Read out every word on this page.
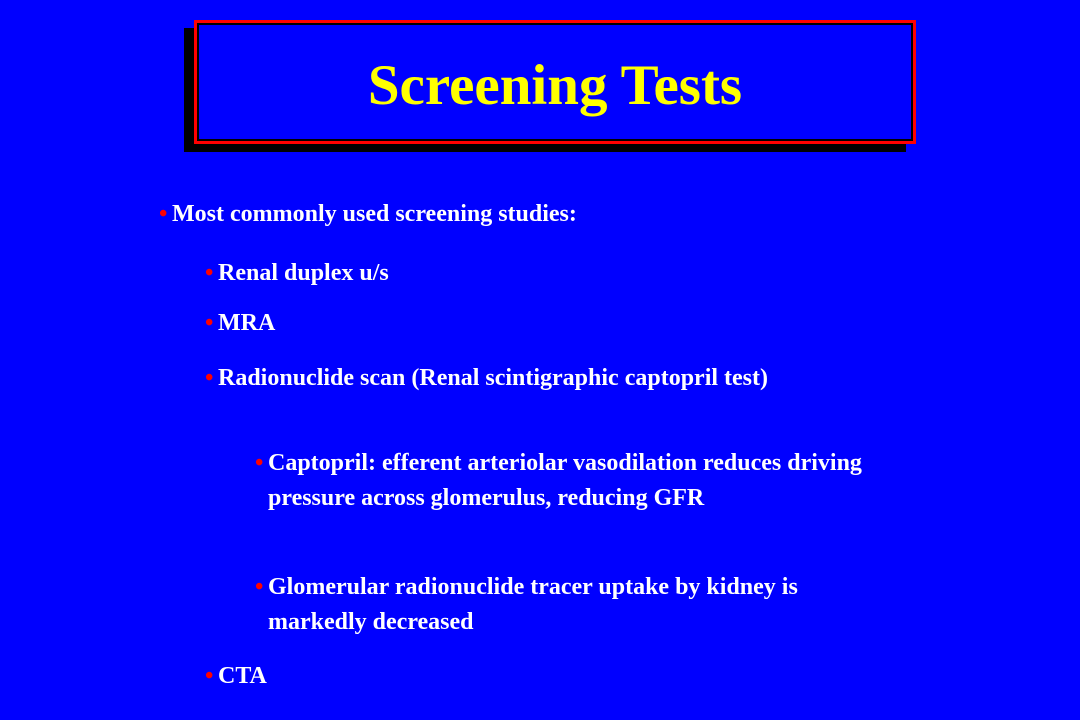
Screening Tests
• Most commonly used screening studies:
• Renal duplex u/s
• MRA
• Radionuclide scan (Renal scintigraphic captopril test)
• Captopril: efferent arteriolar vasodilation reduces driving pressure across glomerulus, reducing GFR
• Glomerular radionuclide tracer uptake by kidney is markedly decreased
• CTA
